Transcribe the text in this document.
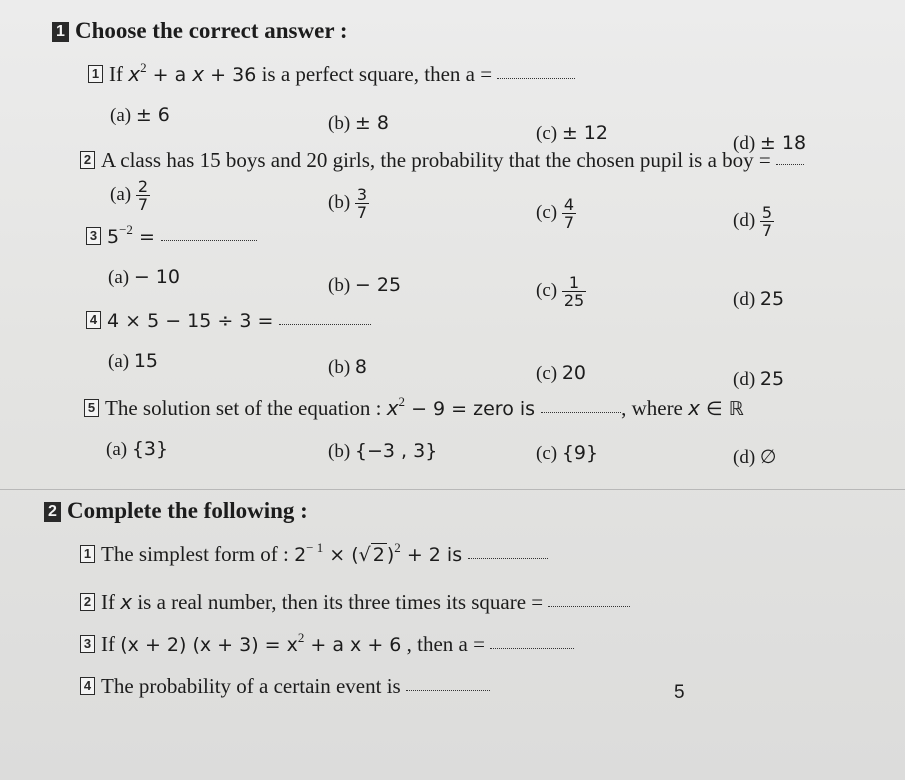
1 Choose the correct answer :
1 If $x^2 + a$ x + 36 is a perfect square, then a =
(a) ± 6	(b) ± 8	(c) ± 12	(d) ± 18
2 A class has 15 boys and 20 girls, the probability that the chosen pupil is a boy =
$(a) \frac{2}{7}$	$(b) \frac{3}{7}$	$(c) \frac{4}{7}$	$(d) \frac{5}{7}$
3 $5^{-2}$ =
(a) − 10	(b) − 25	$(c) \frac{1}{25}$	(d) 25
4 4 × 5 − 15 ÷ 3 =
(a) 15	(b) 8	(c) 20	(d) 25
5 The solution set of the equation : $x^2 - 9$ = zero is	, where x ∈ ℝ
(a) {3}	(b) {−3 , 3}	(c) {9}	(d) ∅
2 Complete the following :
1 The simplest form of : $2^{- 1}$ × (√ 2 )$^2$ + 2 is
2 If x is a real number, then its three times its square =
3 If (x + 2) $(x + 3) = x^2 + a$ x + 6 , then a =
4 The probability of a certain event is	5
